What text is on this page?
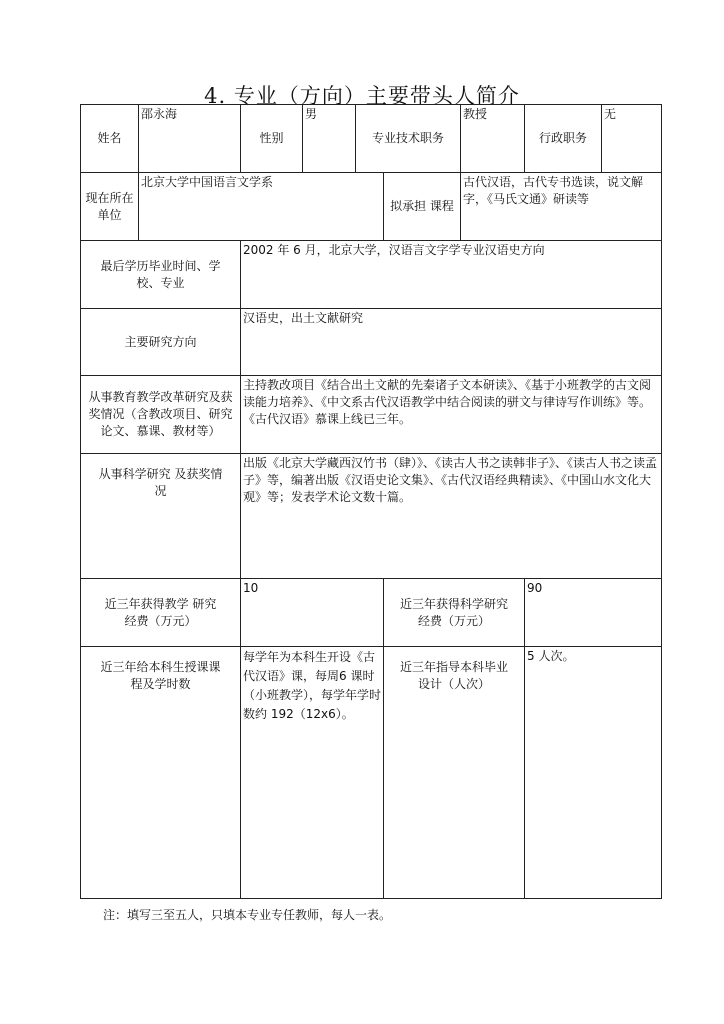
4. 专业（方向）主要带头人简介
姓名	邵永海	性别	男	专业技术职务		教授	行政职务	无
现在所在单位	北京大学中国语言文学系				拟承担 课程	古代汉语，古代专书选读，说文解字，《马氏文通》研读等		
最后学历毕业时间、学校、专业		2002 年 6 月，北京大学，汉语言文字学专业汉语史方向						
主要研究方向		汉语史，出土文献研究						
从事教育教学改革研究及获奖情况（含教改项目、研究论文、慕课、教材等）		主持教改项目《结合出土文献的先秦诸子文本研读》、《基于小班教学的古文阅读能力培养》、《中文系古代汉语教学中结合阅读的骈文与律诗写作训练》等。《古代汉语》慕课上线已三年。						
从事科学研究 及获奖情况		出版《北京大学藏西汉竹书（肆）》、《读古人书之读韩非子》、《读古人书之读孟子》等，编著出版《汉语史论文集》、《古代汉语经典精读》、《中国山水文化大观》等；发表学术论文数十篇。						
近三年获得教学 研究经费（万元）		10			近三年获得科学研究经费（万元）		90	
近三年给本科生授课课程及学时数		每学年为本科生开设《古代汉语》课，每周6 课时（小班教学），每学年学时数约 192（12x6）。			近三年指导本科毕业设计（人次）		5 人次。	
注：填写三至五人，只填本专业专任教师，每人一表。
